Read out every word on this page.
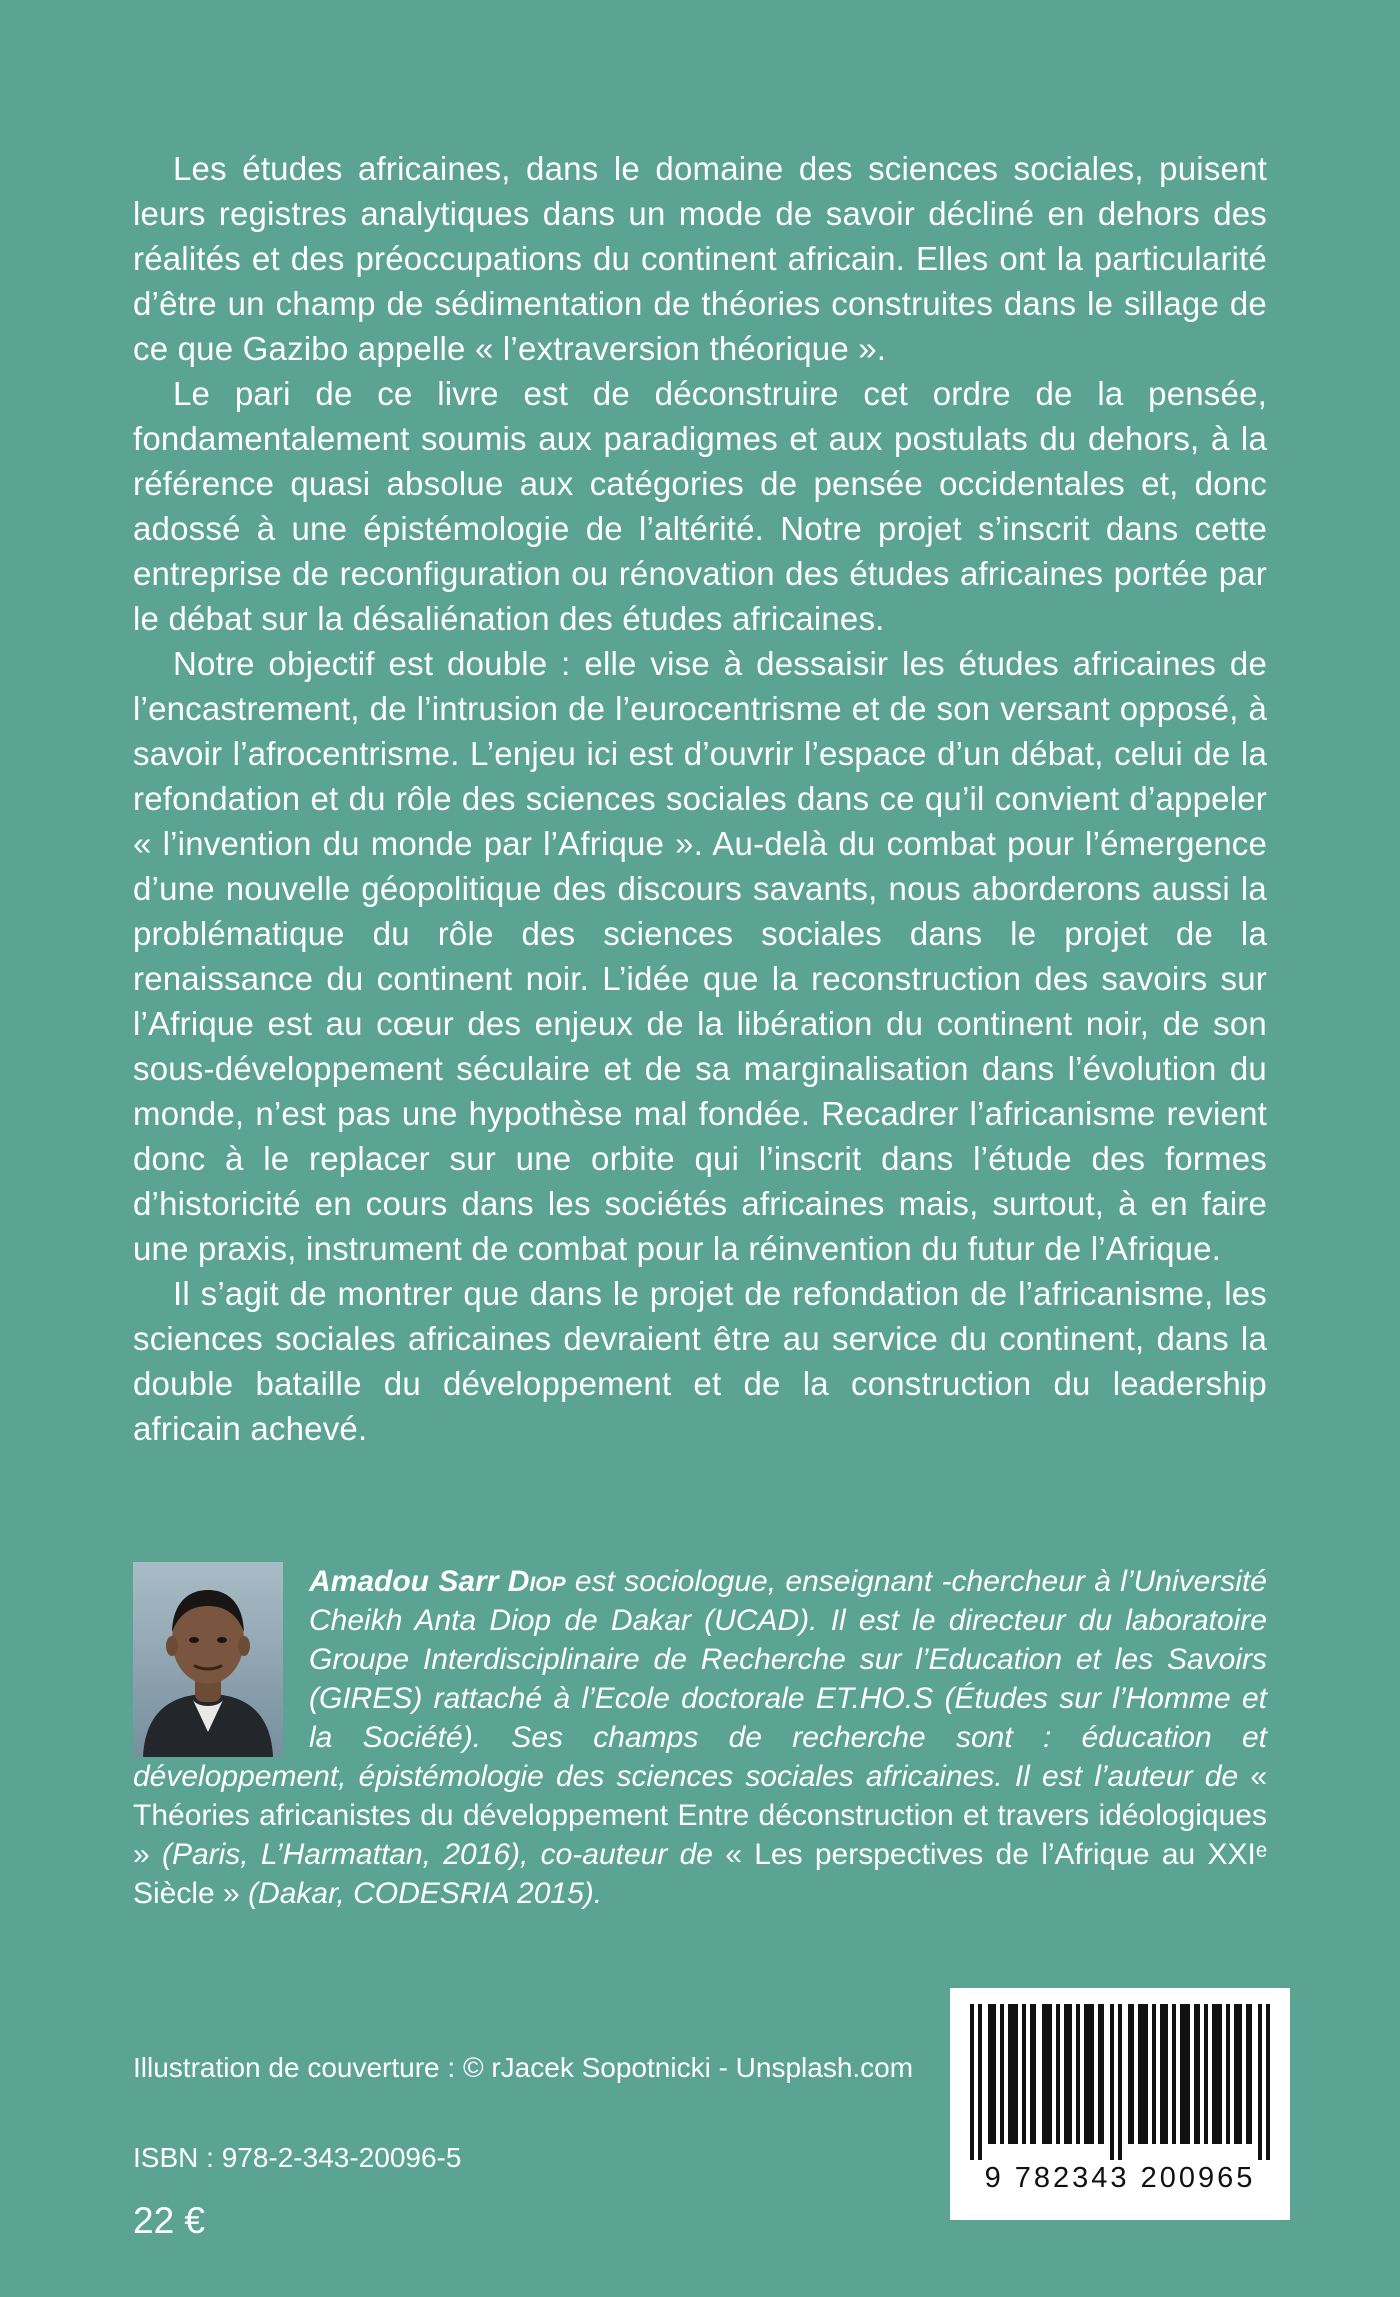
Les études africaines, dans le domaine des sciences sociales, puisent leurs registres analytiques dans un mode de savoir décliné en dehors des réalités et des préoccupations du continent africain. Elles ont la particularité d’être un champ de sédimentation de théories construites dans le sillage de ce que Gazibo appelle « l’extraversion théorique ».

Le pari de ce livre est de déconstruire cet ordre de la pensée, fondamentalement soumis aux paradigmes et aux postulats du dehors, à la référence quasi absolue aux catégories de pensée occidentales et, donc adossé à une épistémologie de l’altérité. Notre projet s’inscrit dans cette entreprise de reconfiguration ou rénovation des études africaines portée par le débat sur la désaliénation des études africaines.

Notre objectif est double : elle vise à dessaisir les études africaines de l’encastrement, de l’intrusion de l’eurocentrisme et de son versant opposé, à savoir l’afrocentrisme. L’enjeu ici est d’ouvrir l’espace d’un débat, celui de la refondation et du rôle des sciences sociales dans ce qu’il convient d’appeler « l’invention du monde par l’Afrique ». Au-delà du combat pour l’émergence d’une nouvelle géopolitique des discours savants, nous aborderons aussi la problématique du rôle des sciences sociales dans le projet de la renaissance du continent noir. L’idée que la reconstruction des savoirs sur l’Afrique est au cœur des enjeux de la libération du continent noir, de son sous-développement séculaire et de sa marginalisation dans l’évolution du monde, n’est pas une hypothèse mal fondée. Recadrer l’africanisme revient donc à le replacer sur une orbite qui l’inscrit dans l’étude des formes d’historicité en cours dans les sociétés africaines mais, surtout, à en faire une praxis, instrument de combat pour la réinvention du futur de l’Afrique.

Il s’agit de montrer que dans le projet de refondation de l’africanisme, les sciences sociales africaines devraient être au service du continent, dans la double bataille du développement et de la construction du leadership africain achevé.

Amadou Sarr Diop est sociologue, enseignant -chercheur à l’Université Cheikh Anta Diop de Dakar (UCAD). Il est le directeur du laboratoire Groupe Interdisciplinaire de Recherche sur l’Education et les Savoirs (GIRES) rattaché à l’Ecole doctorale ET.HO.S (Études sur l’Homme et la Société). Ses champs de recherche sont : éducation et développement, épistémologie des sciences sociales africaines. Il est l’auteur de « Théories africanistes du développement Entre déconstruction et travers idéologiques » (Paris, L’Harmattan, 2016), co-auteur de « Les perspectives de l’Afrique au XXIᵉ Siècle » (Dakar, CODESRIA 2015).
Illustration de couverture : © rJacek Sopotnicki - Unsplash.com
ISBN : 978-2-343-20096-5
22 €
9 782343 200965
